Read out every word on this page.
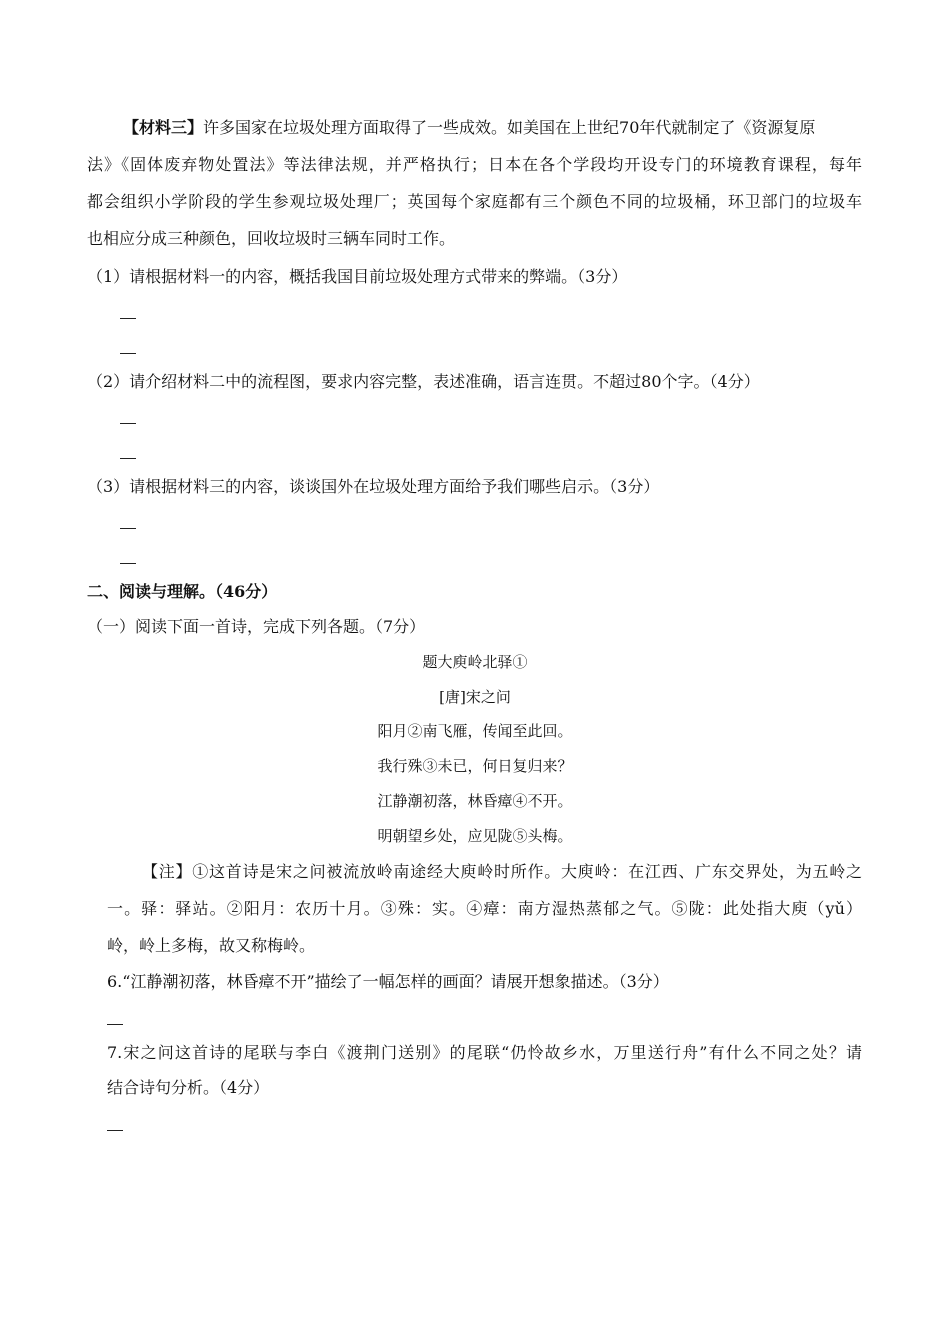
【材料三】许多国家在垃圾处理方面取得了一些成效。如美国在上世纪70年代就制定了《资源复原
法》《固体废弃物处置法》等法律法规，并严格执行；日本在各个学段均开设专门的环境教育课程，每年
都会组织小学阶段的学生参观垃圾处理厂；英国每个家庭都有三个颜色不同的垃圾桶，环卫部门的垃圾车
也相应分成三种颜色，回收垃圾时三辆车同时工作。
（1）请根据材料一的内容，概括我国目前垃圾处理方式带来的弊端。（3分）
（2）请介绍材料二中的流程图，要求内容完整，表述准确，语言连贯。不超过80个字。（4分）
（3）请根据材料三的内容，谈谈国外在垃圾处理方面给予我们哪些启示。（3分）
二、阅读与理解。（46分）
（一）阅读下面一首诗，完成下列各题。（7分）
题大庾岭北驿①
[唐]宋之问
阳月②南飞雁，传闻至此回。
我行殊③未已，何日复归来？
江静潮初落，林昏瘴④不开。
明朝望乡处，应见陇⑤头梅。
【注】①这首诗是宋之问被流放岭南途经大庾岭时所作。大庾岭：在江西、广东交界处，为五岭之
一。驿：驿站。②阳月：农历十月。③殊：实。④瘴：南方湿热蒸郁之气。⑤陇：此处指大庾（yǔ）
岭，岭上多梅，故又称梅岭。
6.“江静潮初落，林昏瘴不开”描绘了一幅怎样的画面？请展开想象描述。（3分）
7.宋之问这首诗的尾联与李白《渡荆门送别》的尾联“仍怜故乡水，万里送行舟”有什么不同之处？请
结合诗句分析。（4分）
